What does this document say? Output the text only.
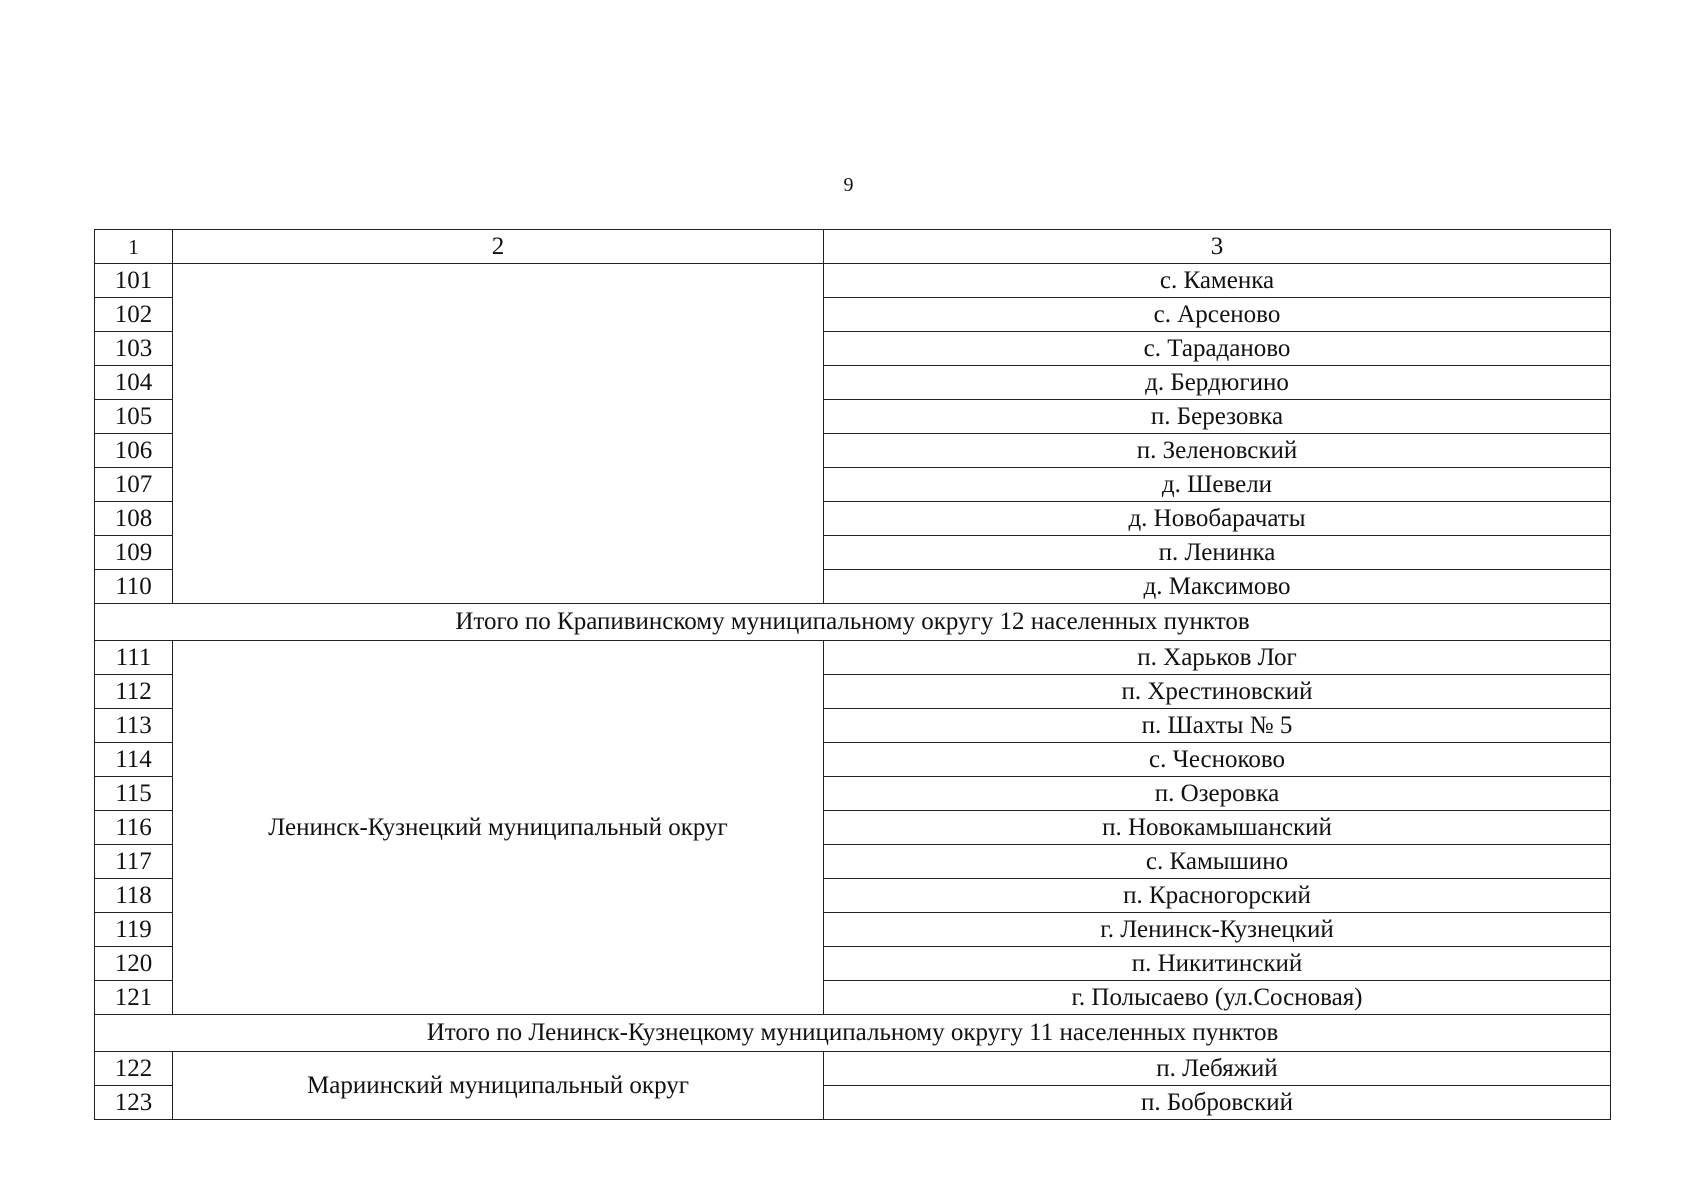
9
1	2	3
101		с. Каменка
102		с. Арсеново
103		с. Тараданово
104		д. Бердюгино
105		п. Березовка
106		п. Зеленовский
107		д. Шевели
108		д. Новобарачаты
109		п. Ленинка
110		д. Максимово
Итого по Крапивинскому муниципальному округу 12 населенных пунктов		
111	Ленинск-Кузнецкий муниципальный округ	п. Харьков Лог
112		п. Хрестиновский
113		п. Шахты № 5
114		с. Чесноково
115		п. Озеровка
116		п. Новокамышанский
117		с. Камышино
118		п. Красногорский
119		г. Ленинск-Кузнецкий
120		п. Никитинский
121		г. Полысаево (ул.Сосновая)
Итого по Ленинск-Кузнецкому муниципальному округу 11 населенных пунктов		
122	Мариинский муниципальный округ	п. Лебяжий
123		п. Бобровский
